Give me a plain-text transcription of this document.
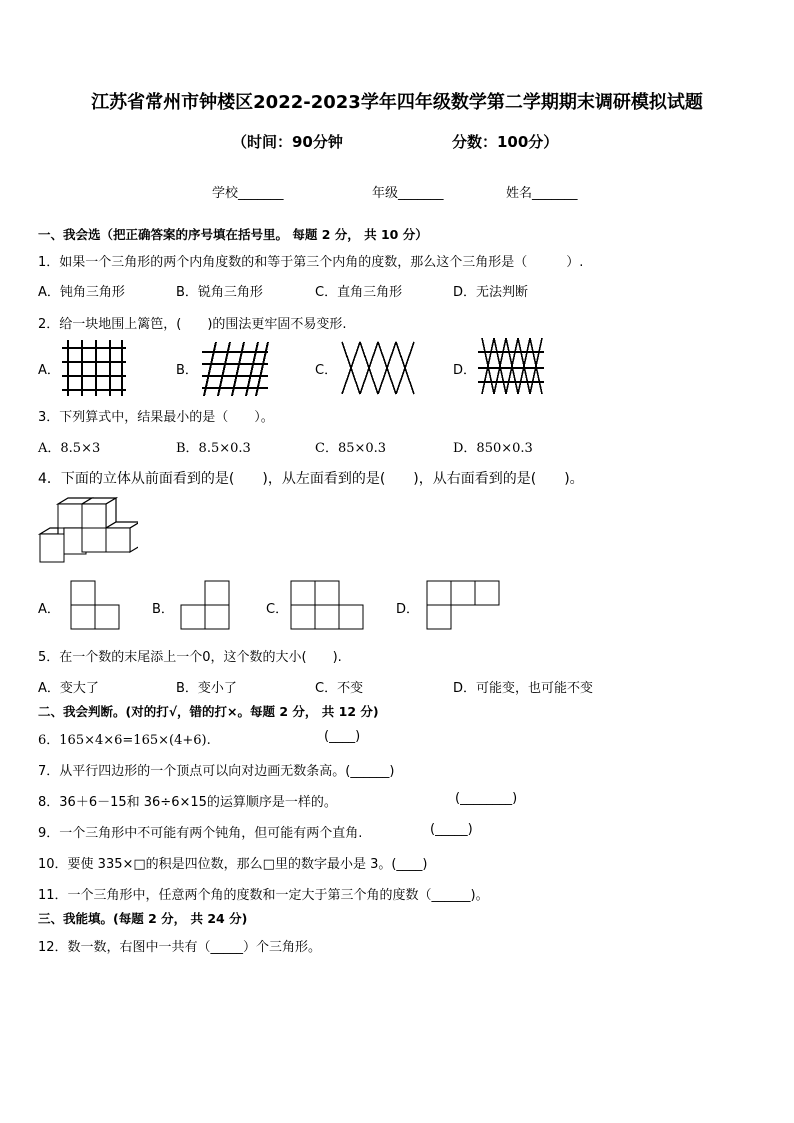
江苏省常州市钟楼区2022-2023学年四年级数学第二学期期末调研模拟试题
（时间：90分钟	分数：100分）
学校_______	年级_______	姓名_______
一、我会选（把正确答案的序号填在括号里。 每题 2 分， 共 10 分）
1．如果一个三角形的两个内角度数的和等于第三个内角的度数，那么这个三角形是（　　　）.
A．钝角三角形	B．锐角三角形	C．直角三角形	D．无法判断
2．给一块地围上篱笆，(　　)的围法更牢固不易变形.
A．	B．	C．	D．
3．下列算式中，结果最小的是（　　）。
A．8.5×3	B．8.5×0.3	C．85×0.3	D．850×0.3
4．下面的立体从前面看到的是(　　)，从左面看到的是(　　)，从右面看到的是(　　)。
A．	B．	C．	D．
5．在一个数的末尾添上一个0，这个数的大小(　　).
A．变大了	B．变小了	C．不变	D．可能变，也可能不变
二、我会判断。(对的打√，错的打×。每题 2 分， 共 12 分)
6．165×4×6=165×(4+6).	(____)
7．从平行四边形的一个顶点可以向对边画无数条高。(______)
8．36＋6－15和 36÷6×15的运算顺序是一样的。	(________)
9．一个三角形中不可能有两个钝角，但可能有两个直角.	(_____)
10．要使 335×□的积是四位数，那么□里的数字最小是 3。(____)
11．一个三角形中，任意两个角的度数和一定大于第三个角的度数（______)。
三、我能填。(每题 2 分， 共 24 分)
12．数一数，右图中一共有（_____）个三角形。
